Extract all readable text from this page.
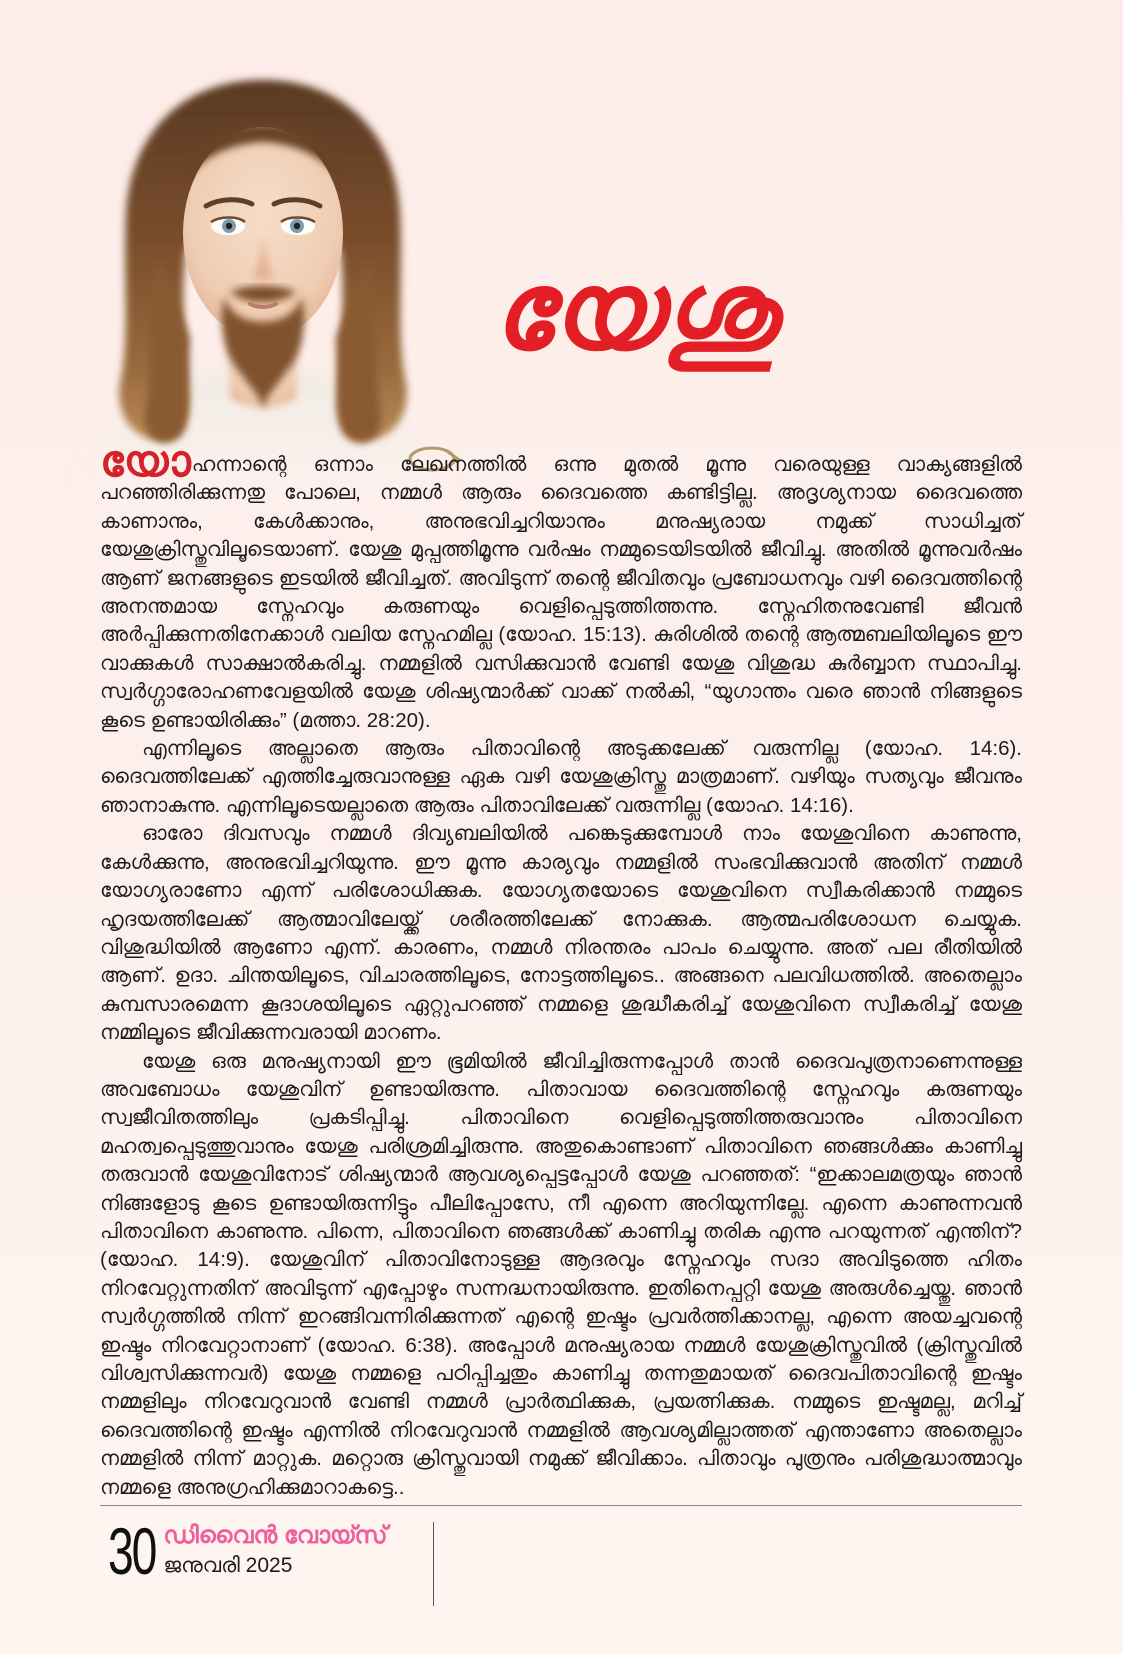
യേശു

യോഹന്നാന്റെ ഒന്നാം ലേഖനത്തിൽ ഒന്നു മുതൽ മൂന്നു വരെയുള്ള വാക്യങ്ങളിൽ പറഞ്ഞിരിക്കുന്നതു പോലെ, നമ്മൾ ആരും ദൈവത്തെ കണ്ടിട്ടില്ല. അദൃശ്യനായ ദൈവത്തെ കാണാനും, കേൾക്കാനും, അനുഭവിച്ചറിയാനും മനുഷ്യരായ നമുക്ക് സാധിച്ചത് യേശുക്രിസ്തുവിലൂടെയാണ്. യേശു മുപ്പത്തിമൂന്നു വർഷം നമ്മുടെയിടയിൽ ജീവിച്ചു. അതിൽ മൂന്നുവർഷം ആണ് ജനങ്ങളുടെ ഇടയിൽ ജീവിച്ചത്. അവിടുന്ന് തന്റെ ജീവിതവും പ്രബോധനവും വഴി ദൈവത്തിന്റെ അനന്തമായ സ്നേഹവും കരുണയും വെളിപ്പെടുത്തിത്തന്നു. സ്നേഹിതനുവേണ്ടി ജീവൻ അർപ്പിക്കുന്നതിനേക്കാൾ വലിയ സ്നേഹമില്ല (യോഹ. 15:13). കുരിശിൽ തന്റെ ആത്മബലിയിലൂടെ ഈ വാക്കുകൾ സാക്ഷാൽകരിച്ചു. നമ്മളിൽ വസിക്കുവാൻ വേണ്ടി യേശു വിശുദ്ധ കുർബ്ബാന സ്ഥാപിച്ചു. സ്വർഗ്ഗാരോഹണവേളയിൽ യേശു ശിഷ്യന്മാർക്ക് വാക്ക് നൽകി, “യുഗാന്തം വരെ ഞാൻ നിങ്ങളുടെ കൂടെ ഉണ്ടായിരിക്കും” (മത്താ. 28:20).

എന്നിലൂടെ അല്ലാതെ ആരും പിതാവിന്റെ അടുക്കലേക്ക് വരുന്നില്ല (യോഹ. 14:6). ദൈവത്തിലേക്ക് എത്തിച്ചേരുവാനുള്ള ഏക വഴി യേശുക്രിസ്തു മാത്രമാണ്. വഴിയും സത്യവും ജീവനും ഞാനാകുന്നു. എന്നിലൂടെയല്ലാതെ ആരും പിതാവിലേക്ക് വരുന്നില്ല (യോഹ. 14:16).

ഓരോ ദിവസവും നമ്മൾ ദിവ്യബലിയിൽ പങ്കെടുക്കുമ്പോൾ നാം യേശുവിനെ കാണുന്നു, കേൾക്കുന്നു, അനുഭവിച്ചറിയുന്നു. ഈ മൂന്നു കാര്യവും നമ്മളിൽ സംഭവിക്കുവാൻ അതിന് നമ്മൾ യോഗ്യരാണോ എന്ന് പരിശോധിക്കുക. യോഗ്യതയോടെ യേശുവിനെ സ്വീകരിക്കാൻ നമ്മുടെ ഹൃദയത്തിലേക്ക് ആത്മാവിലേയ്ക്ക് ശരീരത്തിലേക്ക് നോക്കുക. ആത്മപരിശോധന ചെയ്യുക. വിശുദ്ധിയിൽ ആണോ എന്ന്. കാരണം, നമ്മൾ നിരന്തരം പാപം ചെയ്യുന്നു. അത് പല രീതിയിൽ ആണ്. ഉദാ. ചിന്തയിലൂടെ, വിചാരത്തിലൂടെ, നോട്ടത്തിലൂടെ.. അങ്ങനെ പലവിധത്തിൽ. അതെല്ലാം കുമ്പസാരമെന്ന കൂദാശയിലൂടെ ഏറ്റുപറഞ്ഞ് നമ്മളെ ശുദ്ധീകരിച്ച് യേശുവിനെ സ്വീകരിച്ച് യേശു നമ്മിലൂടെ ജീവിക്കുന്നവരായി മാറണം.

യേശു ഒരു മനുഷ്യനായി ഈ ഭൂമിയിൽ ജീവിച്ചിരുന്നപ്പോൾ താൻ ദൈവപുത്രനാണെന്നുള്ള അവബോധം യേശുവിന് ഉണ്ടായിരുന്നു. പിതാവായ ദൈവത്തിന്റെ സ്നേഹവും കരുണയും സ്വജീവിതത്തിലും പ്രകടിപ്പിച്ചു. പിതാവിനെ വെളിപ്പെടുത്തിത്തരുവാനും പിതാവിനെ മഹത്വപ്പെടുത്തുവാനും യേശു പരിശ്രമിച്ചിരുന്നു. അതുകൊണ്ടാണ് പിതാവിനെ ഞങ്ങൾക്കും കാണിച്ചു തരുവാൻ യേശുവിനോട് ശിഷ്യന്മാർ ആവശ്യപ്പെട്ടപ്പോൾ യേശു പറഞ്ഞത്: “ഇക്കാലമത്രയും ഞാൻ നിങ്ങളോടു കൂടെ ഉണ്ടായിരുന്നിട്ടും പീലിപ്പോസേ, നീ എന്നെ അറിയുന്നില്ലേ. എന്നെ കാണുന്നവൻ പിതാവിനെ കാണുന്നു. പിന്നെ, പിതാവിനെ ഞങ്ങൾക്ക് കാണിച്ചു തരിക എന്നു പറയുന്നത് എന്തിന്? (യോഹ. 14:9). യേശുവിന് പിതാവിനോടുള്ള ആദരവും സ്നേഹവും സദാ അവിടുത്തെ ഹിതം നിറവേറ്റുന്നതിന് അവിടുന്ന് എപ്പോഴും സന്നദ്ധനായിരുന്നു. ഇതിനെപ്പറ്റി യേശു അരുൾച്ചെയ്തു. ഞാൻ സ്വർഗ്ഗത്തിൽ നിന്ന് ഇറങ്ങിവന്നിരിക്കുന്നത് എന്റെ ഇഷ്ടം പ്രവർത്തിക്കാനല്ല, എന്നെ അയച്ചവന്റെ ഇഷ്ടം നിറവേറ്റാനാണ് (യോഹ. 6:38). അപ്പോൾ മനുഷ്യരായ നമ്മൾ യേശുക്രിസ്തുവിൽ (ക്രിസ്തുവിൽ വിശ്വസിക്കുന്നവർ) യേശു നമ്മളെ പഠിപ്പിച്ചതും കാണിച്ചു തന്നതുമായത് ദൈവപിതാവിന്റെ ഇഷ്ടം നമ്മളിലും നിറവേറുവാൻ വേണ്ടി നമ്മൾ പ്രാർത്ഥിക്കുക, പ്രയത്നിക്കുക. നമ്മുടെ ഇഷ്ടമല്ല, മറിച്ച് ദൈവത്തിന്റെ ഇഷ്ടം എന്നിൽ നിറവേറുവാൻ നമ്മളിൽ ആവശ്യമില്ലാത്തത് എന്താണോ അതെല്ലാം നമ്മളിൽ നിന്ന് മാറ്റുക. മറ്റൊരു ക്രിസ്തുവായി നമുക്ക് ജീവിക്കാം. പിതാവും പുത്രനും പരിശുദ്ധാത്മാവും നമ്മളെ അനുഗ്രഹിക്കുമാറാകട്ടെ..

30 ഡിവൈൻ വോയ്സ്
ജനുവരി 2025
